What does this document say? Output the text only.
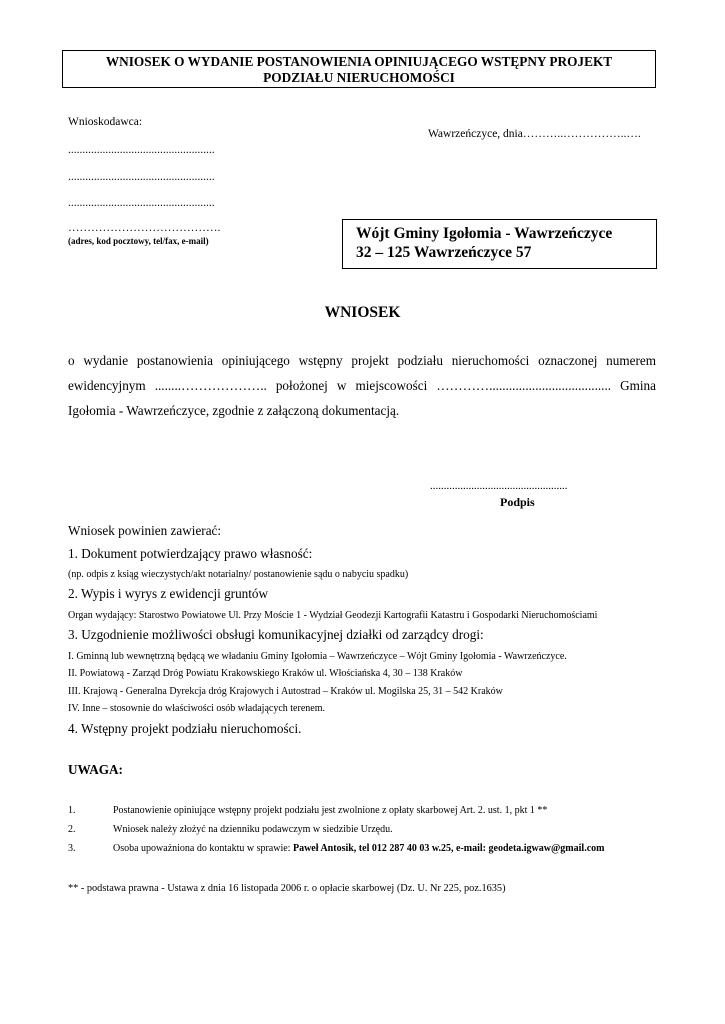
WNIOSEK O WYDANIE POSTANOWIENIA OPINIUJĄCEGO WSTĘPNY PROJEKT
PODZIAŁU NIERUCHOMOŚCI
Wnioskodawca:
Wawrzeńczyce, dnia………..……………..….
...................................................
...................................................
...................................................
………………………………….
(adres, kod pocztowy, tel/fax, e-mail)	Wójt Gminy Igołomia - Wawrzeńczyce
32 – 125 Wawrzeńczyce 57
WNIOSEK

o wydanie postanowienia opiniującego wstępny projekt podziału nieruchomości oznaczonej numerem ewidencyjnym ........……………….. położonej w miejscowości …………..................................... Gmina Igołomia - Wawrzeńczyce, zgodnie z załączoną dokumentacją.

..................................................
Podpis
Wniosek powinien zawierać:
1. Dokument potwierdzający prawo własność:
(np. odpis z ksiąg wieczystych/akt notarialny/ postanowienie sądu o nabyciu spadku)
2. Wypis i wyrys z ewidencji gruntów
Organ wydający: Starostwo Powiatowe Ul. Przy Moście 1 - Wydział Geodezji Kartografii Katastru i Gospodarki Nieruchomościami
3. Uzgodnienie możliwości obsługi komunikacyjnej działki od zarządcy drogi:
I. Gminną lub wewnętrzną będącą we władaniu Gminy Igołomia – Wawrzeńczyce – Wójt Gminy Igołomia - Wawrzeńczyce.
II. Powiatową - Zarząd Dróg Powiatu Krakowskiego Kraków ul. Włościańska 4, 30 – 138 Kraków
III. Krajową - Generalna Dyrekcja dróg Krajowych i Autostrad – Kraków ul. Mogilska 25, 31 – 542 Kraków
IV. Inne – stosownie do właściwości osób władających terenem.
4. Wstępny projekt podziału nieruchomości.
UWAGA:
1.	Postanowienie opiniujące wstępny projekt podziału jest zwolnione z opłaty skarbowej Art. 2. ust. 1, pkt 1 **
2.	Wniosek należy złożyć na dzienniku podawczym w siedzibie Urzędu.
3.	Osoba upoważniona do kontaktu w sprawie: Paweł Antosik, tel 012 287 40 03 w.25, e-mail: geodeta.igwaw@gmail.com
** - podstawa prawna - Ustawa z dnia 16 listopada 2006 r. o opłacie skarbowej (Dz. U. Nr 225, poz.1635)
